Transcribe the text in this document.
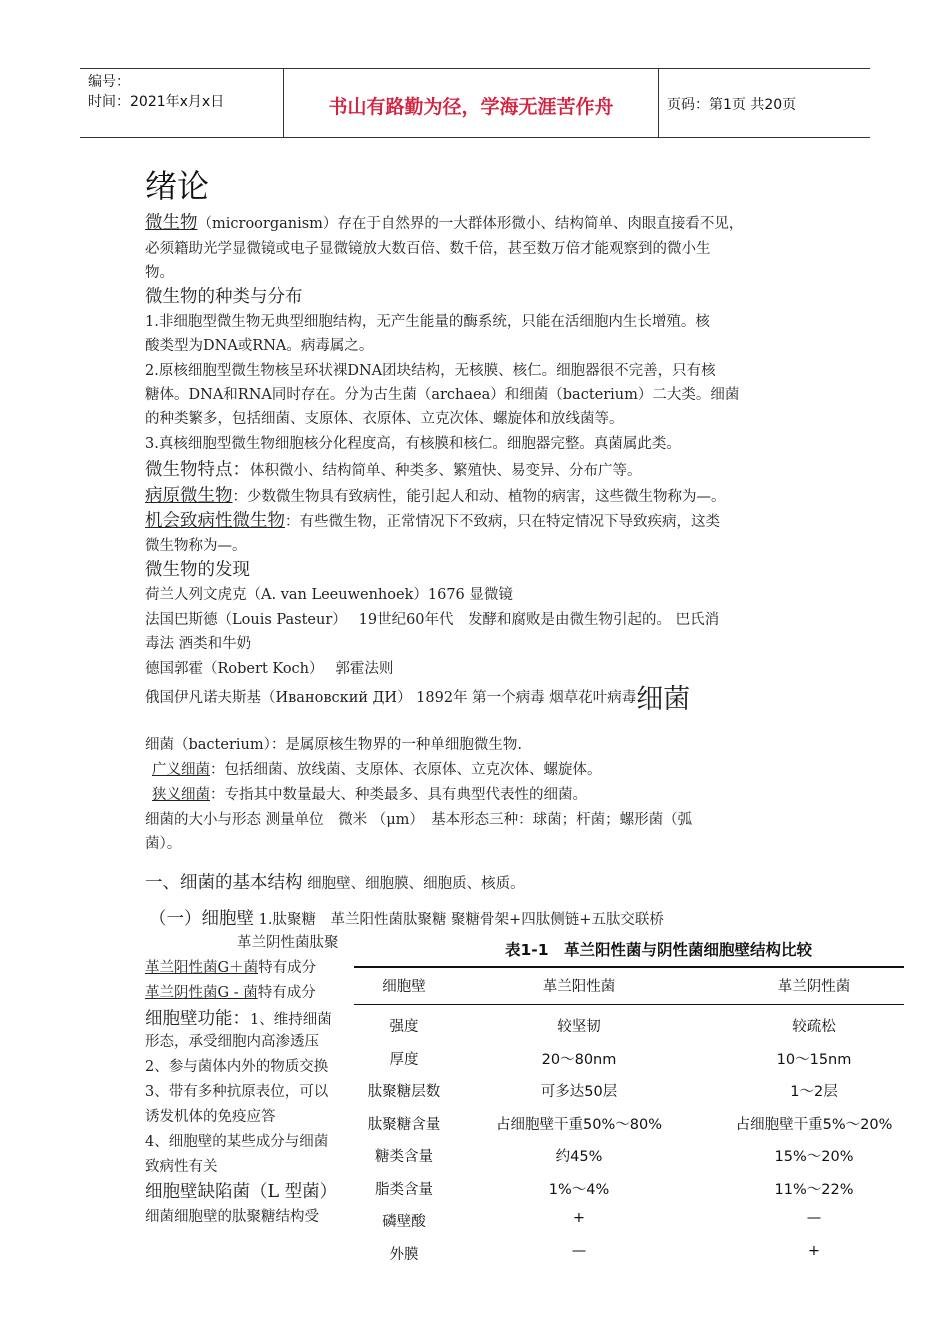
编号：
时间：2021年x月x日	书山有路勤为径，学海无涯苦作舟	页码：第1页 共20页
绪论
微生物（microorganism）存在于自然界的一大群体形微小、结构简单、肉眼直接看不见，
必须籍助光学显微镜或电子显微镜放大数百倍、数千倍，甚至数万倍才能观察到的微小生
物。
微生物的种类与分布
1.非细胞型微生物无典型细胞结构，无产生能量的酶系统，只能在活细胞内生长增殖。核
酸类型为DNA或RNA。病毒属之。
2.原核细胞型微生物核呈环状裸DNA团块结构，无核膜、核仁。细胞器很不完善，只有核
糖体。DNA和RNA同时存在。分为古生菌（archaea）和细菌（bacterium）二大类。细菌
的种类繁多，包括细菌、支原体、衣原体、立克次体、螺旋体和放线菌等。
3.真核细胞型微生物细胞核分化程度高，有核膜和核仁。细胞器完整。真菌属此类。
微生物特点：体积微小、结构简单、种类多、繁殖快、易变异、分布广等。
病原微生物：少数微生物具有致病性，能引起人和动、植物的病害，这些微生物称为—。
机会致病性微生物：有些微生物，正常情况下不致病，只在特定情况下导致疾病，这类
微生物称为—。
微生物的发现
荷兰人列文虎克（A. van Leeuwenhoek）1676 显微镜
法国巴斯德（Louis Pasteur）　 19世纪60年代　发酵和腐败是由微生物引起的。 巴氏消
毒法 酒类和牛奶
德国郭霍（Robert Koch）　 郭霍法则
俄国伊凡诺夫斯基（Ивановский ДИ） 1892年 第一个病毒 烟草花叶病毒细菌
细菌（bacterium）：是属原核生物界的一种单细胞微生物.
广义细菌：包括细菌、放线菌、支原体、衣原体、立克次体、螺旋体。
狭义细菌：专指其中数量最大、种类最多、具有典型代表性的细菌。
细菌的大小与形态 测量单位　微米 （μm）　基本形态三种：球菌；杆菌；螺形菌（弧
菌）。
一、细菌的基本结构 细胞壁、细胞膜、细胞质、核质。
（一）细胞壁 1.肽聚糖　革兰阳性菌肽聚糖 聚糖骨架+四肽侧链+五肽交联桥
革兰阴性菌肽聚
革兰阳性菌G＋菌特有成分
革兰阴性菌G - 菌特有成分
细胞壁功能：1、维持细菌
形态，承受细胞内高渗透压
2、参与菌体内外的物质交换
3、带有多种抗原表位，可以
诱发机体的免疫应答
4、细胞壁的某些成分与细菌
致病性有关
细胞壁缺陷菌（L 型菌）
细菌细胞壁的肽聚糖结构受
表1-1　革兰阳性菌与阴性菌细胞壁结构比较
细胞壁	革兰阳性菌	革兰阴性菌
强度	较坚韧	较疏松
厚度	20～80nm	10～15nm
肽聚糖层数	可多达50层	1～2层
肽聚糖含量	占细胞壁干重50%～80%	占细胞壁干重5%～20%
糖类含量	约45%	15%～20%
脂类含量	1%～4%	11%～22%
磷壁酸	+	—
外膜	—	+
